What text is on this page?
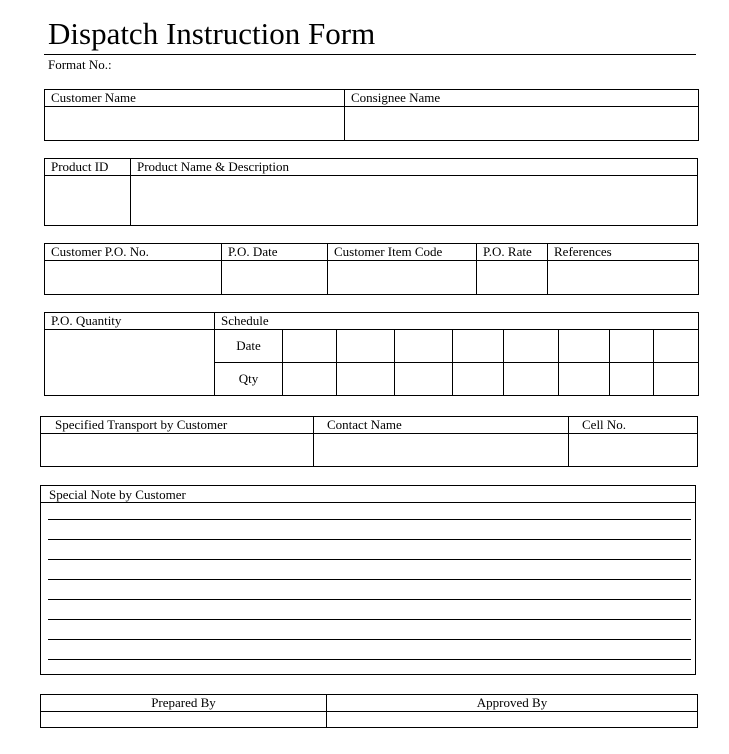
Dispatch Instruction Form
Format No.:
Customer Name	Consignee Name

Product ID	Product Name & Description

Customer P.O. No.	P.O. Date	Customer Item Code	P.O. Rate	References

P.O. Quantity	Schedule								
	Date								
	Qty								
Specified Transport by Customer	Contact Name	Cell No.

Special Note by Customer
Prepared By	Approved By
